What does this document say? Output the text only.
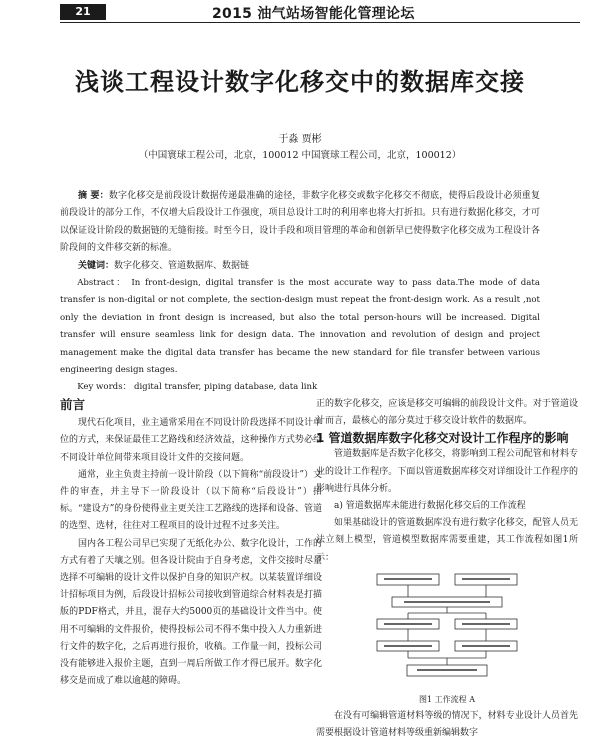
21	2015 油气站场智能化管理论坛
浅谈工程设计数字化移交中的数据库交接
于淼 贾彬
（中国寰球工程公司，北京，100012 中国寰球工程公司，北京，100012）

摘 要：数字化移交是前段设计数据传递最准确的途径，非数字化移交或数字化移交不彻底，使得后段设计必须重复前段设计的部分工作，不仅增大后段设计工作强度，项目总设计工时的利用率也将大打折扣。只有进行数据化移交，才可以保证设计阶段的数据链的无缝衔接。时至今日，设计手段和项目管理的革命和创新早已使得数字化移交成为工程设计各阶段间的文件移交新的标准。

关键词：数字化移交、管道数据库、数据链

Abstract： In front-design, digital transfer is the most accurate way to pass data.The mode of data transfer is non-digital or not complete, the section-design must repeat the front-design work. As a result ,not only the deviation in front design is increased, but also the total person-hours will be increased. Digital transfer will ensure seamless link for design data. The innovation and revolution of design and project management make the digital data transfer has became the new standard for file transfer between various engineering design stages.

Key words： digital transfer, piping database, data link

前言

现代石化项目，业主通常采用在不同设计阶段选择不同设计单位的方式，来保证最佳工艺路线和经济效益，这种操作方式势必给不同设计单位间带来项目设计文件的交接问题。

通常，业主负责主持前一设计阶段（以下简称“前段设计”）文件的审查，并主导下一阶段设计（以下简称“后段设计”）招标。“建设方”的身份使得业主更关注工艺路线的选择和设备、管道的选型、选材，往往对工程项目的设计过程不过多关注。

国内各工程公司早已实现了无纸化办公、数字化设计，工作的方式有着了天壤之别。但各设计院由于自身考虑，文件交接时尽量选择不可编辑的设计文件以保护自身的知识产权。以某装置详细设计招标项目为例，后段设计招标公司接收到管道综合材料表是打描版的PDF格式，并且，混存大约5000页的基础设计文件当中。使用不可编辑的文件报价，使得投标公司不得不集中投入人力重新进行文件的数字化，之后再进行报价，收稿。工作量一间，投标公司没有能够进入报价主题，直到一周后所做工作才得已展开。数字化移交是而成了难以逾越的障碍。

正的数字化移交，应该是移交可编辑的前段设计文件。对于管道设计而言，最核心的部分莫过于移交设计软件的数据库。

1 管道数据库数字化移交对设计工作程序的影响

管道数据库是否数字化移交，将影响到工程公司配管和材料专业的设计工作程序。下面以管道数据库移交对详细设计工作程序的影响进行具体分析。

a) 管道数据库未能进行数据化移交后的工作流程

如果基础设计的管道数据库没有进行数字化移交，配管人员无法立刻上模型，管道模型数据库需要重建，其工作流程如图1所示：

图1 工作流程 A

在没有可编辑管道材料等级的情况下，材料专业设计人员首先需要根据设计管道材料等级重新编辑数字
